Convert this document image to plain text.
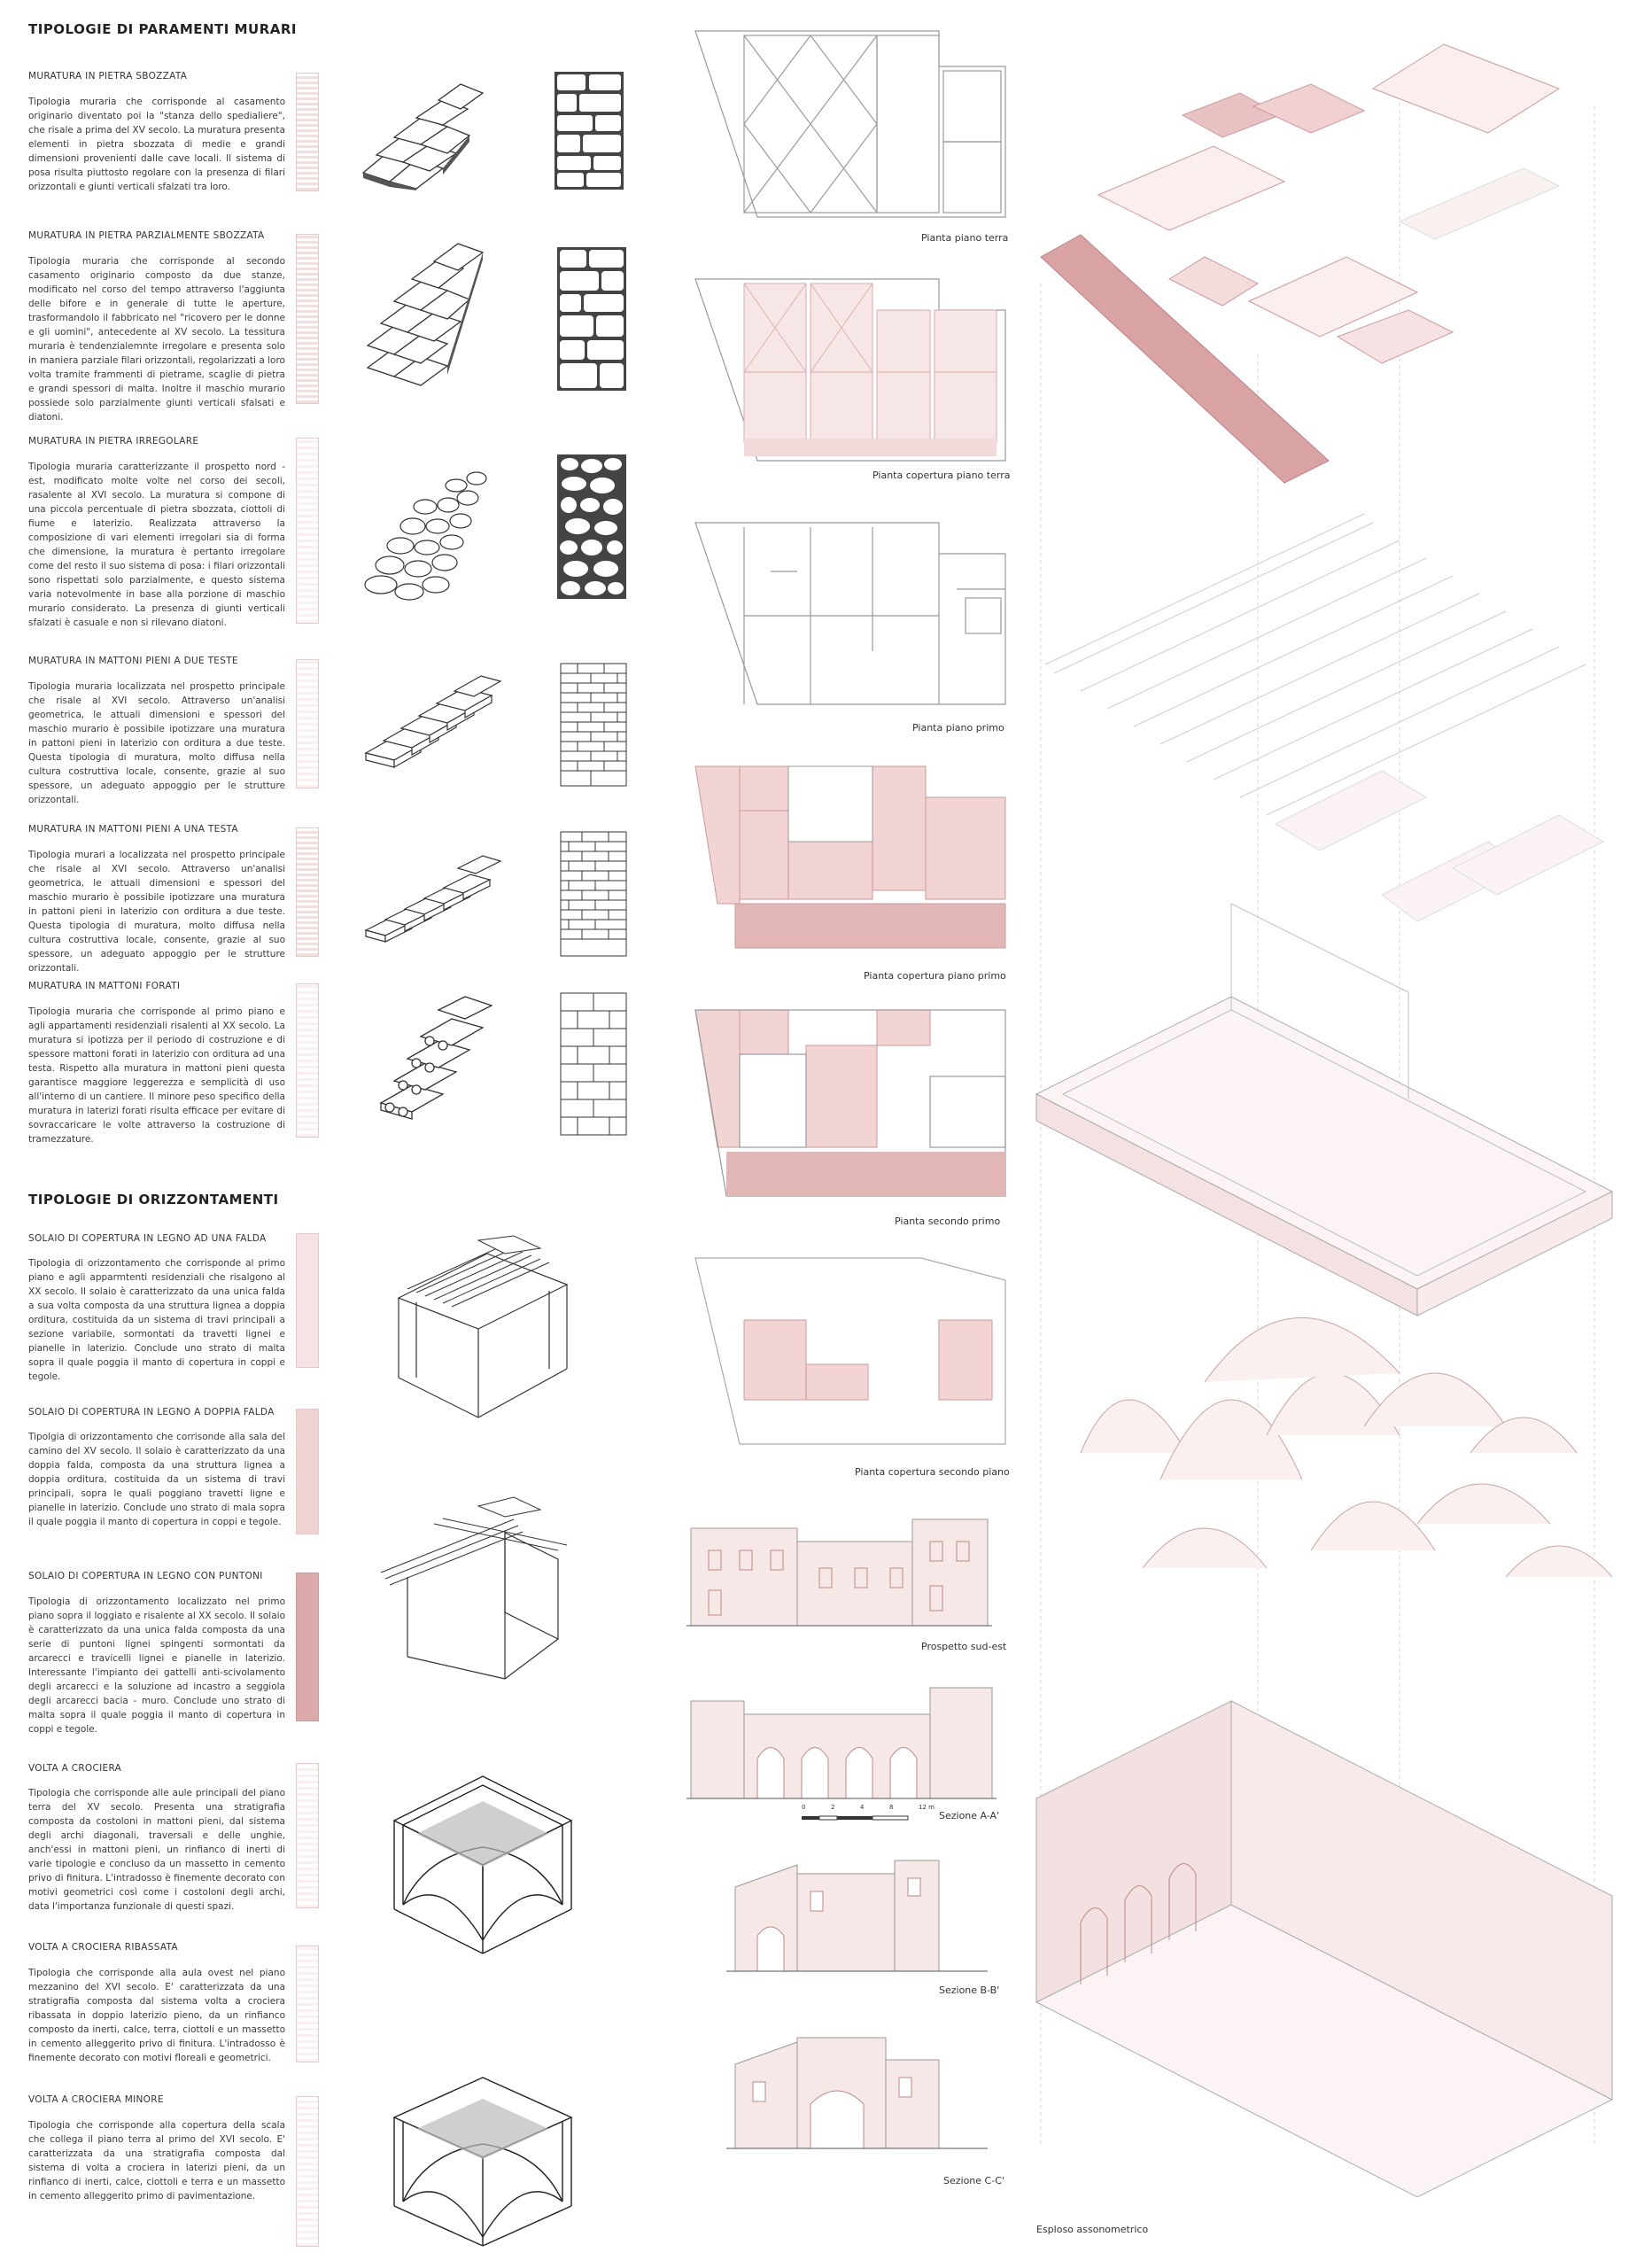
TIPOLOGIE DI PARAMENTI MURARI
TIPOLOGIE DI ORIZZONTAMENTI
MURATURA IN PIETRA SBOZZATA
Tipologia muraria che corrisponde al casamento originario diventato poi la "stanza dello spedialiere", che risale a prima del XV secolo. La muratura presenta elementi in pietra sbozzata di medie e grandi dimensioni provenienti dalle cave locali. Il sistema di posa risulta piuttosto regolare con la presenza di filari orizzontali e giunti verticali sfalzati tra loro.
MURATURA IN PIETRA PARZIALMENTE SBOZZATA
Tipologia muraria che corrisponde al secondo casamento originario composto da due stanze, modificato nel corso del tempo attraverso l'aggiunta delle bifore e in generale di tutte le aperture, trasformandolo il fabbricato nel "ricovero per le donne e gli uomini", antecedente al XV secolo. La tessitura muraria è tendenzialemnte irregolare e presenta solo in maniera parziale filari orizzontali, regolarizzati a loro volta tramite frammenti di pietrame, scaglie di pietra e grandi spessori di malta. Inoltre il maschio murario possiede solo parzialmente giunti verticali sfalsati e diatoni.
MURATURA IN PIETRA IRREGOLARE
Tipologia muraria caratterizzante il prospetto nord - est, modificato molte volte nel corso dei secoli, rasalente al XVI secolo. La muratura si compone di una piccola percentuale di pietra sbozzata, ciottoli di fiume e laterizio. Realizzata attraverso la composizione di vari elementi irregolari sia di forma che dimensione, la muratura è pertanto irregolare come del resto il suo sistema di posa: i filari orizzontali sono rispettati solo parzialmente, e questo sistema varia notevolmente in base alla porzione di maschio murario considerato. La presenza di giunti verticali sfalzati è casuale e non si rilevano diatoni.
MURATURA IN MATTONI PIENI A DUE TESTE
Tipologia muraria localizzata nel prospetto principale che risale al XVI secolo. Attraverso un'analisi geometrica, le attuali dimensioni e spessori del maschio murario è possibile ipotizzare una muratura in pattoni pieni in laterizio con orditura a due teste. Questa tipologia di muratura, molto diffusa nella cultura costruttiva locale, consente, grazie al suo spessore, un adeguato appoggio per le strutture orizzontali.
MURATURA IN MATTONI PIENI A UNA TESTA
Tipologia murari a localizzata nel prospetto principale che risale al XVI secolo. Attraverso un'analisi geometrica, le attuali dimensioni e spessori del maschio murario è possibile ipotizzare una muratura in pattoni pieni in laterizio con orditura a due teste. Questa tipologia di muratura, molto diffusa nella cultura costruttiva locale, consente, grazie al suo spessore, un adeguato appoggio per le strutture orizzontali.
MURATURA IN MATTONI FORATI
Tipologia muraria che corrisponde al primo piano e agli appartamenti residenziali risalenti al XX secolo. La muratura si ipotizza per il periodo di costruzione e di spessore mattoni forati in laterizio con orditura ad una testa. Rispetto alla muratura in mattoni pieni questa garantisce maggiore leggerezza e semplicità di uso all'interno di un cantiere. Il minore peso specifico della muratura in laterizi forati risulta efficace per evitare di sovraccaricare le volte attraverso la costruzione di tramezzature.
SOLAIO DI COPERTURA IN LEGNO AD UNA FALDA
Tipologia di orizzontamento che corrisponde al primo piano e agli apparmtenti residenziali che risalgono al XX secolo. Il solaio è caratterizzato da una unica falda a sua volta composta da una struttura lignea a doppia orditura, costituida da un sistema di travi principali a sezione variabile, sormontati da travetti lignei e pianelle in laterizio. Conclude uno strato di malta sopra il quale poggia il manto di copertura in coppi e tegole.
SOLAIO DI COPERTURA IN LEGNO A DOPPIA FALDA
Tipolgia di orizzontamento che corrisonde alla sala del camino del XV secolo. Il solaio è caratterizzato da una doppia falda, composta da una struttura lignea a doppia orditura, costituida da un sistema di travi principali, sopra le quali poggiano travetti ligne e pianelle in laterizio. Conclude uno strato di mala sopra il quale poggia il manto di copertura in coppi e tegole.
SOLAIO DI COPERTURA IN LEGNO CON PUNTONI
Tipologia di orizzontamento localizzato nel primo piano sopra il loggiato e risalente al XX secolo. Il solaio è caratterizzato da una unica falda composta da una serie di puntoni lignei spingenti sormontati da arcarecci e travicelli lignei e pianelle in laterizio. Interessante l'impianto dei gattelli anti-scivolamento degli arcarecci e la soluzione ad incastro a seggiola degli arcarecci bacia - muro. Conclude uno strato di malta sopra il quale poggia il manto di copertura in coppi e tegole.
VOLTA A CROCIERA
Tipologia che corrisponde alle aule principali del piano terra del XV secolo. Presenta una stratigrafia composta da costoloni in mattoni pieni, dal sistema degli archi diagonali, traversali e delle unghie, anch'essi in mattoni pieni, un rinfianco di inerti di varie tipologie e concluso da un massetto in cemento privo di finitura. L'intradosso è finemente decorato con motivi geometrici così come i costoloni degli archi, data l'importanza funzionale di questi spazi.
VOLTA A CROCIERA RIBASSATA
Tipologia che corrisponde alla aula ovest nel piano mezzanino del XVI secolo. E' caratterizzata da una stratigrafia composta dal sistema volta a crociera ribassata in doppio laterizio pieno, da un rinfianco composto da inerti, calce, terra, ciottoli e un massetto in cemento alleggerito privo di finitura. L'intradosso è finemente decorato con motivi floreali e geometrici.
VOLTA A CROCIERA MINORE
Tipologia che corrisponde alla copertura della scala che collega il piano terra al primo del XVI secolo. E' caratterizzata da una stratigrafia composta dal sistema di volta a crociera in laterizi pieni, da un rinfianco di inerti, calce, ciottoli e terra e un massetto in cemento alleggerito primo di pavimentazione.
Pianta piano terra
Pianta copertura piano terra
Pianta piano primo
Pianta copertura piano primo
Pianta secondo primo
Pianta copertura secondo piano
Prospetto sud-est
0	2	4	8	12 m
Sezione A-A'
Sezione B-B'
Sezione C-C'
Esploso assonometrico
